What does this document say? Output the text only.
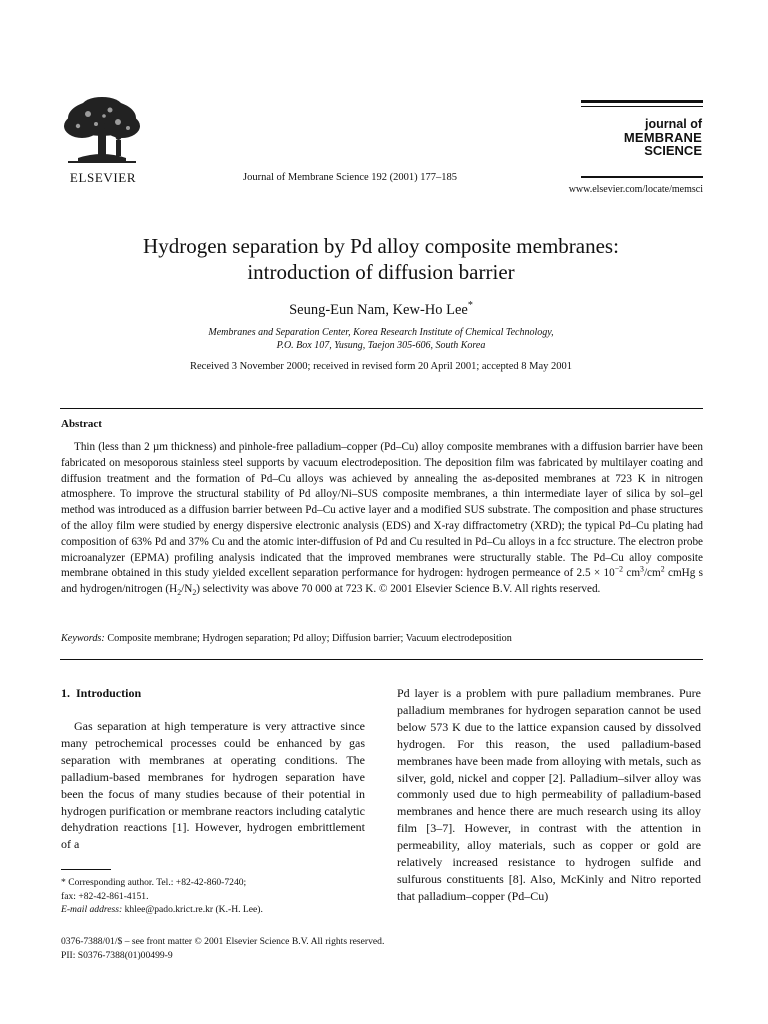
ELSEVIER	Journal of Membrane Science 192 (2001) 177–185
journal of
MEMBRANE
SCIENCE
www.elsevier.com/locate/memsci
Hydrogen separation by Pd alloy composite membranes:
introduction of diffusion barrier
Seung-Eun Nam, Kew-Ho Lee*
Membranes and Separation Center, Korea Research Institute of Chemical Technology,
P.O. Box 107, Yusung, Taejon 305-606, South Korea
Received 3 November 2000; received in revised form 20 April 2001; accepted 8 May 2001
Abstract

Thin (less than 2 µm thickness) and pinhole-free palladium–copper (Pd–Cu) alloy composite membranes with a diffusion barrier have been fabricated on mesoporous stainless steel supports by vacuum electrodeposition. The deposition film was fabricated by multilayer coating and diffusion treatment and the formation of Pd–Cu alloys was achieved by annealing the as-deposited membranes at 723 K in nitrogen atmosphere. To improve the structural stability of Pd alloy/Ni–SUS composite membranes, a thin intermediate layer of silica by sol–gel method was introduced as a diffusion barrier between Pd–Cu active layer and a modified SUS substrate. The composition and phase structures of the alloy film were studied by energy dispersive electronic analysis (EDS) and X-ray diffractometry (XRD); the typical Pd–Cu plating had composition of 63% Pd and 37% Cu and the atomic inter-diffusion of Pd and Cu resulted in Pd–Cu alloys in a fcc structure. The electron probe microanalyzer (EPMA) profiling analysis indicated that the improved membranes were structurally stable. The Pd–Cu alloy composite membrane obtained in this study yielded excellent separation performance for hydrogen: hydrogen permeance of $2.5 \times 10^{-2}$ $cm^3/cm^2$ cmHg s and hydrogen/nitrogen $(H_2/N_2)$ selectivity was above 70 000 at 723 K. © 2001 Elsevier Science B.V. All rights reserved.

Keywords: Composite membrane; Hydrogen separation; Pd alloy; Diffusion barrier; Vacuum electrodeposition
1. Introduction

Gas separation at high temperature is very attractive since many petrochemical processes could be enhanced by gas separation with membranes at operating conditions. The palladium-based membranes for hydrogen separation have been the focus of many studies because of their potential in hydrogen purification or membrane reactors including catalytic dehydration reactions [1]. However, hydrogen embrittlement of a

Pd layer is a problem with pure palladium membranes. Pure palladium membranes for hydrogen separation cannot be used below 573 K due to the lattice expansion caused by dissolved hydrogen. For this reason, the used palladium-based membranes have been made from alloying with metals, such as silver, gold, nickel and copper [2]. Palladium–silver alloy was commonly used due to high permeability of palladium-based membranes and hence there are much research using its alloy film [3–7]. However, in contrast with the attention in permeability, alloy materials, such as copper or gold are relatively increased resistance to hydrogen sulfide and sulfurous constituents [8]. Also, McKinly and Nitro reported that palladium–copper (Pd–Cu)

* Corresponding author. Tel.: +82-42-860-7240;
fax: +82-42-861-4151.
E-mail address: khlee@pado.krict.re.kr (K.-H. Lee).
0376-7388/01/$ – see front matter © 2001 Elsevier Science B.V. All rights reserved.
PII: S0376-7388(01)00499-9
